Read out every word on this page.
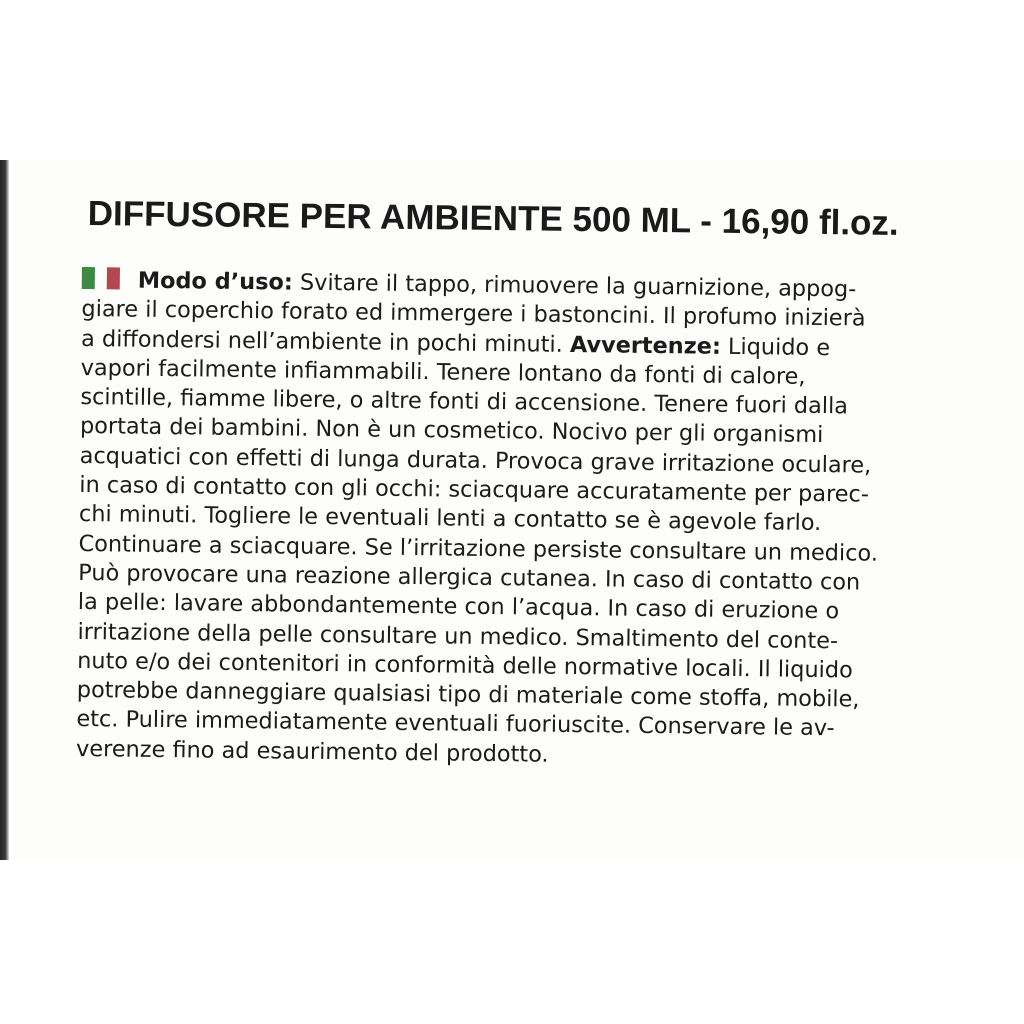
DIFFUSORE PER AMBIENTE 500 ML - 16,90 fl.oz.
Modo d’uso: Svitare il tappo, rimuovere la guarnizione, appog-
giare il coperchio forato ed immergere i bastoncini. Il profumo inizierà
a diffondersi nell’ambiente in pochi minuti. Avvertenze: Liquido e
vapori facilmente infiammabili. Tenere lontano da fonti di calore,
scintille, fiamme libere, o altre fonti di accensione. Tenere fuori dalla
portata dei bambini. Non è un cosmetico. Nocivo per gli organismi
acquatici con effetti di lunga durata. Provoca grave irritazione oculare,
in caso di contatto con gli occhi: sciacquare accuratamente per parec-
chi minuti. Togliere le eventuali lenti a contatto se è agevole farlo.
Continuare a sciacquare. Se l’irritazione persiste consultare un medico.
Può provocare una reazione allergica cutanea. In caso di contatto con
la pelle: lavare abbondantemente con l’acqua. In caso di eruzione o
irritazione della pelle consultare un medico. Smaltimento del conte-
nuto e/o dei contenitori in conformità delle normative locali. Il liquido
potrebbe danneggiare qualsiasi tipo di materiale come stoffa, mobile,
etc. Pulire immediatamente eventuali fuoriuscite. Conservare le av-
verenze fino ad esaurimento del prodotto.
